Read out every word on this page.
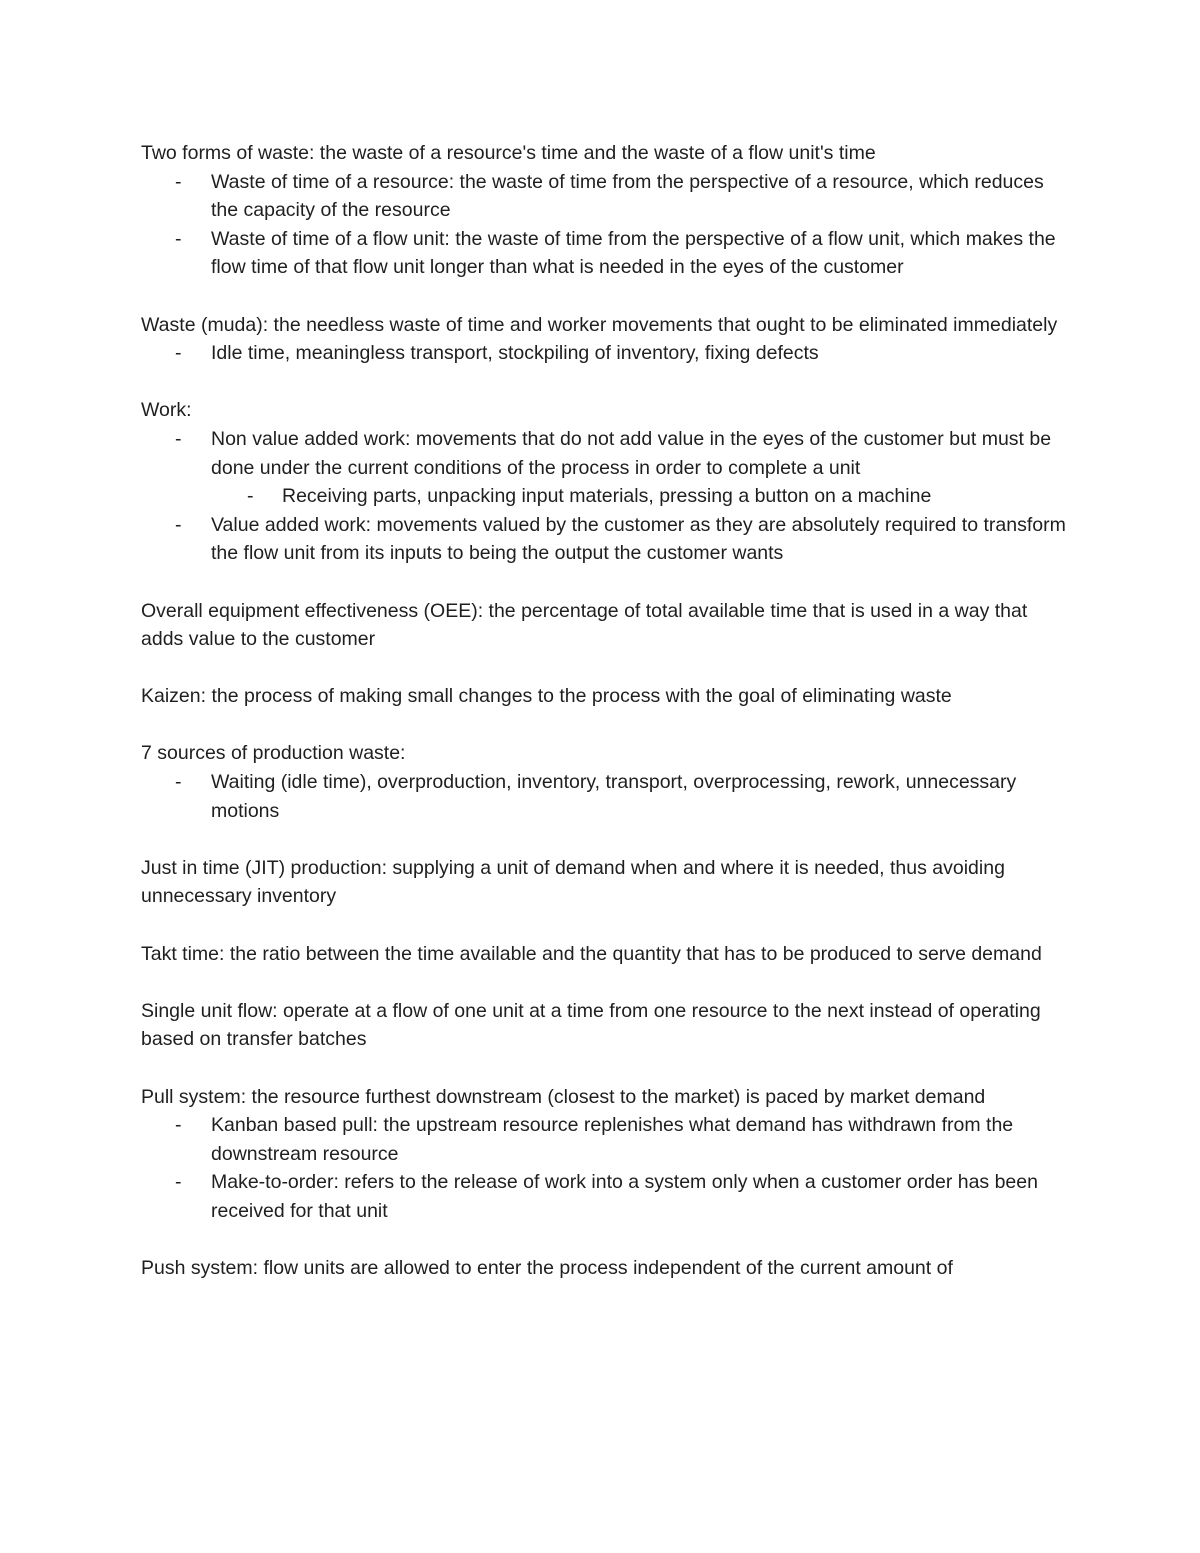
Two forms of waste: the waste of a resource's time and the waste of a flow unit's time

- Waste of time of a resource: the waste of time from the perspective of a resource, which reduces the capacity of the resource

- Waste of time of a flow unit: the waste of time from the perspective of a flow unit, which makes the flow time of that flow unit longer than what is needed in the eyes of the customer

Waste (muda): the needless waste of time and worker movements that ought to be eliminated immediately

- Idle time, meaningless transport, stockpiling of inventory, fixing defects

Work:

- Non value added work: movements that do not add value in the eyes of the customer but must be done under the current conditions of the process in order to complete a unit

- Receiving parts, unpacking input materials, pressing a button on a machine

- Value added work: movements valued by the customer as they are absolutely required to transform the flow unit from its inputs to being the output the customer wants

Overall equipment effectiveness (OEE): the percentage of total available time that is used in a way that adds value to the customer

Kaizen: the process of making small changes to the process with the goal of eliminating waste

7 sources of production waste:

- Waiting (idle time), overproduction, inventory, transport, overprocessing, rework, unnecessary motions

Just in time (JIT) production: supplying a unit of demand when and where it is needed, thus avoiding unnecessary inventory

Takt time: the ratio between the time available and the quantity that has to be produced to serve demand

Single unit flow: operate at a flow of one unit at a time from one resource to the next instead of operating based on transfer batches

Pull system: the resource furthest downstream (closest to the market) is paced by market demand

- Kanban based pull: the upstream resource replenishes what demand has withdrawn from the downstream resource

- Make-to-order: refers to the release of work into a system only when a customer order has been received for that unit

Push system: flow units are allowed to enter the process independent of the current amount of
